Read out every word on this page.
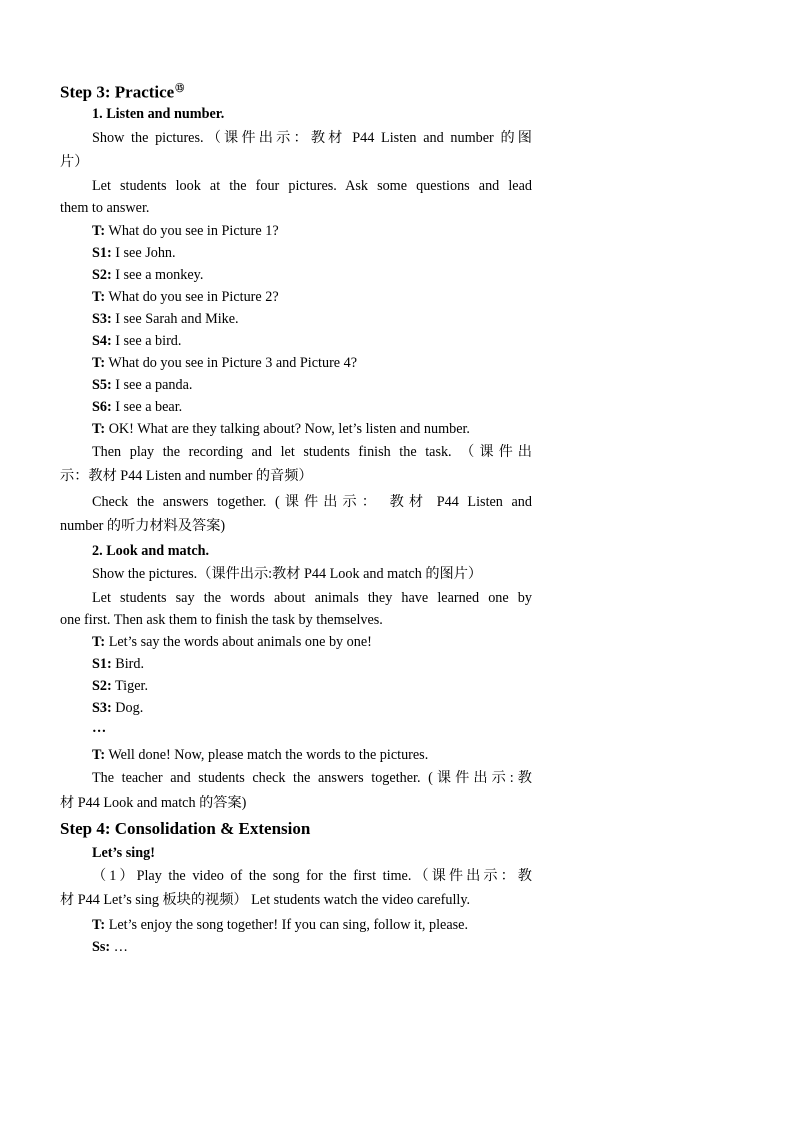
Step 3: Practice⑮
1. Listen and number.
Show the pictures.（课件出示：教材 P44 Listen and number 的图
片）
Let students look at the four pictures. Ask some questions and lead
them to answer.
T: What do you see in Picture 1?
S1: I see John.
S2: I see a monkey.
T: What do you see in Picture 2?
S3: I see Sarah and Mike.
S4: I see a bird.
T: What do you see in Picture 3 and Picture 4?
S5: I see a panda.
S6: I see a bear.
T: OK! What are they talking about? Now, let’s listen and number.
Then play the recording and let students finish the task. （课件出
示：教材 P44 Listen and number 的音频）
Check the answers together. (课件出示： 教材 P44 Listen and
number 的听力材料及答案)
2. Look and match.
Show the pictures.（课件出示:教材 P44 Look and match 的图片）
Let students say the words about animals they have learned one by
one first. Then ask them to finish the task by themselves.
T: Let’s say the words about animals one by one!
S1: Bird.
S2: Tiger.
S3: Dog.
…
T: Well done! Now, please match the words to the pictures.
The teacher and students check the answers together. (课件出示:教
材 P44 Look and match 的答案)
Step 4: Consolidation & Extension
Let’s sing!
（1）Play the video of the song for the first time.（课件出示：教
材 P44 Let’s sing 板块的视频） Let students watch the video carefully.
T: Let’s enjoy the song together! If you can sing, follow it, please.
Ss: …
